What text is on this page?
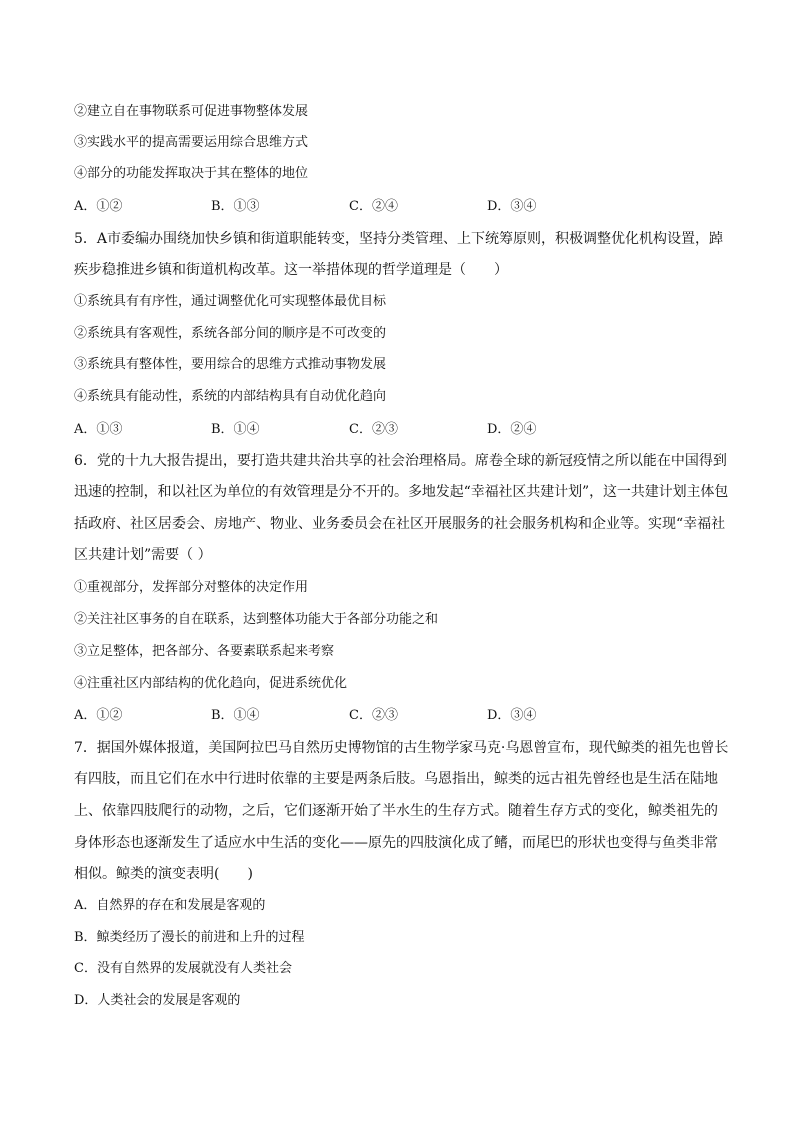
②建立自在事物联系可促进事物整体发展
③实践水平的提高需要运用综合思维方式
④部分的功能发挥取决于其在整体的地位
A．①②	B．①③	C．②④	D．③④
5．A市委编办围绕加快乡镇和街道职能转变，坚持分类管理、上下统筹原则，积极调整优化机构设置，踔
疾步稳推进乡镇和街道机构改革。这一举措体现的哲学道理是（　　）
①系统具有有序性，通过调整优化可实现整体最优目标
②系统具有客观性，系统各部分间的顺序是不可改变的
③系统具有整体性，要用综合的思维方式推动事物发展
④系统具有能动性，系统的内部结构具有自动优化趋向
A．①③	B．①④	C．②③	D．②④
6．党的十九大报告提出，要打造共建共治共享的社会治理格局。席卷全球的新冠疫情之所以能在中国得到
迅速的控制，和以社区为单位的有效管理是分不开的。多地发起“幸福社区共建计划”，这一共建计划主体包
括政府、社区居委会、房地产、物业、业务委员会在社区开展服务的社会服务机构和企业等。实现“幸福社
区共建计划”需要（ ）
①重视部分，发挥部分对整体的决定作用
②关注社区事务的自在联系，达到整体功能大于各部分功能之和
③立足整体，把各部分、各要素联系起来考察
④注重社区内部结构的优化趋向，促进系统优化
A．①②	B．①④	C．②③	D．③④
7．据国外媒体报道，美国阿拉巴马自然历史博物馆的古生物学家马克·乌恩曾宣布，现代鲸类的祖先也曾长
有四肢，而且它们在水中行进时依靠的主要是两条后肢。乌恩指出，鲸类的远古祖先曾经也是生活在陆地
上、依靠四肢爬行的动物，之后，它们逐渐开始了半水生的生存方式。随着生存方式的变化，鲸类祖先的
身体形态也逐渐发生了适应水中生活的变化——原先的四肢演化成了鳍，而尾巴的形状也变得与鱼类非常
相似。鲸类的演变表明(　　)
A．自然界的存在和发展是客观的
B．鲸类经历了漫长的前进和上升的过程
C．没有自然界的发展就没有人类社会
D．人类社会的发展是客观的
